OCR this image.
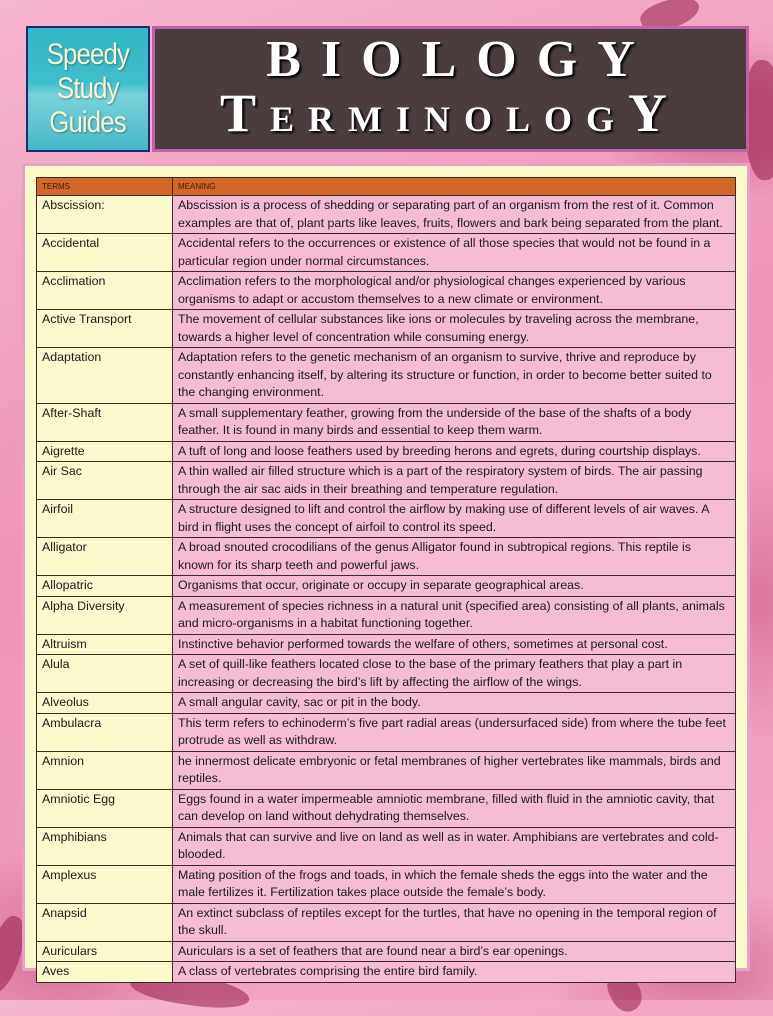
Speedy
Study
Guides
BIOLOGY
TERMINOLOGY
TERMS	MEANING
Abscission:	Abscission is a process of shedding or separating part of an organism from the rest of it. Common examples are that of, plant parts like leaves, fruits, flowers and bark being separated from the plant.
Accidental	Accidental refers to the occurrences or existence of all those species that would not be found in a particular region under normal circumstances.
Acclimation	Acclimation refers to the morphological and/or physiological changes experienced by various organisms to adapt or accustom themselves to a new climate or environment.
Active Transport	The movement of cellular substances like ions or molecules by traveling across the membrane, towards a higher level of concentration while consuming energy.
Adaptation	Adaptation refers to the genetic mechanism of an organism to survive, thrive and reproduce by constantly enhancing itself, by altering its structure or function, in order to become better suited to the changing environment.
After-Shaft	A small supplementary feather, growing from the underside of the base of the shafts of a body feather. It is found in many birds and essential to keep them warm.
Aigrette	A tuft of long and loose feathers used by breeding herons and egrets, during courtship displays.
Air Sac	A thin walled air filled structure which is a part of the respiratory system of birds. The air passing through the air sac aids in their breathing and temperature regulation.
Airfoil	A structure designed to lift and control the airflow by making use of different levels of air waves. A bird in flight uses the concept of airfoil to control its speed.
Alligator	A broad snouted crocodilians of the genus Alligator found in subtropical regions. This reptile is known for its sharp teeth and powerful jaws.
Allopatric	Organisms that occur, originate or occupy in separate geographical areas.
Alpha Diversity	A measurement of species richness in a natural unit (specified area) consisting of all plants, animals and micro-organisms in a habitat functioning together.
Altruism	Instinctive behavior performed towards the welfare of others, sometimes at personal cost.
Alula	A set of quill-like feathers located close to the base of the primary feathers that play a part in increasing or decreasing the bird’s lift by affecting the airflow of the wings.
Alveolus	A small angular cavity, sac or pit in the body.
Ambulacra	This term refers to echinoderm’s five part radial areas (undersurfaced side) from where the tube feet protrude as well as withdraw.
Amnion	he innermost delicate embryonic or fetal membranes of higher vertebrates like mammals, birds and reptiles.
Amniotic Egg	Eggs found in a water impermeable amniotic membrane, filled with fluid in the amniotic cavity, that can develop on land without dehydrating themselves.
Amphibians	Animals that can survive and live on land as well as in water. Amphibians are vertebrates and cold-blooded.
Amplexus	Mating position of the frogs and toads, in which the female sheds the eggs into the water and the male fertilizes it. Fertilization takes place outside the female’s body.
Anapsid	An extinct subclass of reptiles except for the turtles, that have no opening in the temporal region of the skull.
Auriculars	Auriculars is a set of feathers that are found near a bird’s ear openings.
Aves	A class of vertebrates comprising the entire bird family.
